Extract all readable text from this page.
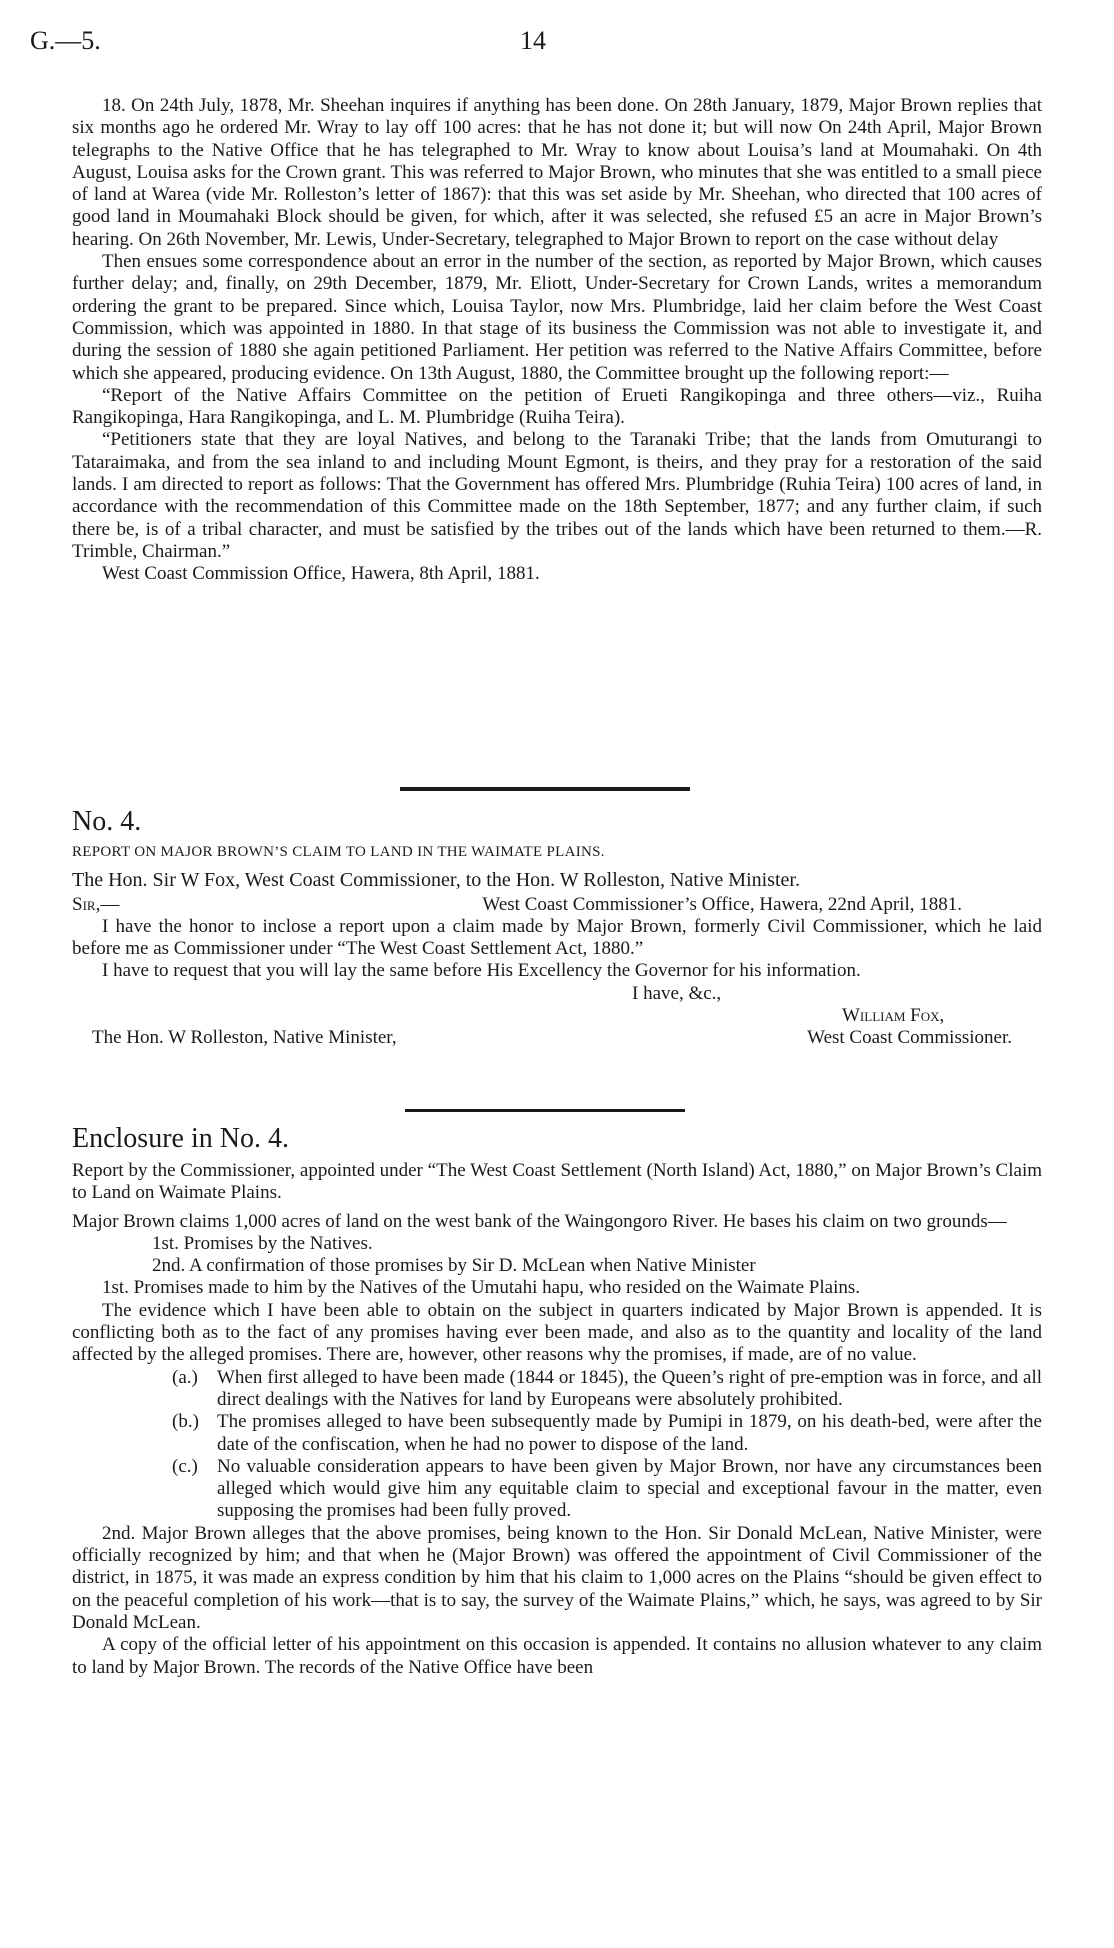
G.—5.	14

18. On 24th July, 1878, Mr. Sheehan inquires if anything has been done. On 28th January, 1879, Major Brown replies that six months ago he ordered Mr. Wray to lay off 100 acres: that he has not done it; but will now On 24th April, Major Brown telegraphs to the Native Office that he has telegraphed to Mr. Wray to know about Louisa’s land at Moumahaki. On 4th August, Louisa asks for the Crown grant. This was referred to Major Brown, who minutes that she was entitled to a small piece of land at Warea (vide Mr. Rolleston’s letter of 1867): that this was set aside by Mr. Sheehan, who directed that 100 acres of good land in Moumahaki Block should be given, for which, after it was selected, she refused £5 an acre in Major Brown’s hearing. On 26th November, Mr. Lewis, Under-Secretary, telegraphed to Major Brown to report on the case without delay

Then ensues some correspondence about an error in the number of the section, as reported by Major Brown, which causes further delay; and, finally, on 29th December, 1879, Mr. Eliott, Under-Secretary for Crown Lands, writes a memorandum ordering the grant to be prepared. Since which, Louisa Taylor, now Mrs. Plumbridge, laid her claim before the West Coast Commission, which was appointed in 1880. In that stage of its business the Commission was not able to investigate it, and during the session of 1880 she again petitioned Parliament. Her petition was referred to the Native Affairs Committee, before which she appeared, producing evidence. On 13th August, 1880, the Committee brought up the following report:—

“Report of the Native Affairs Committee on the petition of Erueti Rangikopinga and three others—viz., Ruiha Rangikopinga, Hara Rangikopinga, and L. M. Plumbridge (Ruiha Teira).

“Petitioners state that they are loyal Natives, and belong to the Taranaki Tribe; that the lands from Omuturangi to Tataraimaka, and from the sea inland to and including Mount Egmont, is theirs, and they pray for a restoration of the said lands. I am directed to report as follows: That the Government has offered Mrs. Plumbridge (Ruhia Teira) 100 acres of land, in accordance with the recommendation of this Committee made on the 18th September, 1877; and any further claim, if such there be, is of a tribal character, and must be satisfied by the tribes out of the lands which have been returned to them.—R. Trimble, Chairman.”

West Coast Commission Office, Hawera, 8th April, 1881.

No. 4.

REPORT ON MAJOR BROWN’S CLAIM TO LAND IN THE WAIMATE PLAINS.

The Hon. Sir W Fox, West Coast Commissioner, to the Hon. W Rolleston, Native Minister.

Sir,—	West Coast Commissioner’s Office, Hawera, 22nd April, 1881.

I have the honor to inclose a report upon a claim made by Major Brown, formerly Civil Commissioner, which he laid before me as Commissioner under “The West Coast Settlement Act, 1880.”

I have to request that you will lay the same before His Excellency the Governor for his information.

I have, &c.,
William Fox,
The Hon. W Rolleston, Native Minister,	West Coast Commissioner.

Enclosure in No. 4.

Report by the Commissioner, appointed under “The West Coast Settlement (North Island) Act, 1880,” on Major Brown’s Claim to Land on Waimate Plains.

Major Brown claims 1,000 acres of land on the west bank of the Waingongoro River. He bases his claim on two grounds—

1st. Promises by the Natives.

2nd. A confirmation of those promises by Sir D. McLean when Native Minister

1st. Promises made to him by the Natives of the Umutahi hapu, who resided on the Waimate Plains.

The evidence which I have been able to obtain on the subject in quarters indicated by Major Brown is appended. It is conflicting both as to the fact of any promises having ever been made, and also as to the quantity and locality of the land affected by the alleged promises. There are, however, other reasons why the promises, if made, are of no value.

(a.)	When first alleged to have been made (1844 or 1845), the Queen’s right of pre-emption was in force, and all direct dealings with the Natives for land by Europeans were absolutely prohibited.
(b.) The promises alleged to have been subsequently made by Pumipi in 1879, on his death-bed, were after the date of the confiscation, when he had no power to dispose of the land.
(c.)	No valuable consideration appears to have been given by Major Brown, nor have any circumstances been alleged which would give him any equitable claim to special and exceptional favour in the matter, even supposing the promises had been fully proved.

2nd. Major Brown alleges that the above promises, being known to the Hon. Sir Donald McLean, Native Minister, were officially recognized by him; and that when he (Major Brown) was offered the appointment of Civil Commissioner of the district, in 1875, it was made an express condition by him that his claim to 1,000 acres on the Plains “should be given effect to on the peaceful completion of his work—that is to say, the survey of the Waimate Plains,” which, he says, was agreed to by Sir Donald McLean.

A copy of the official letter of his appointment on this occasion is appended. It contains no allusion whatever to any claim to land by Major Brown. The records of the Native Office have been
